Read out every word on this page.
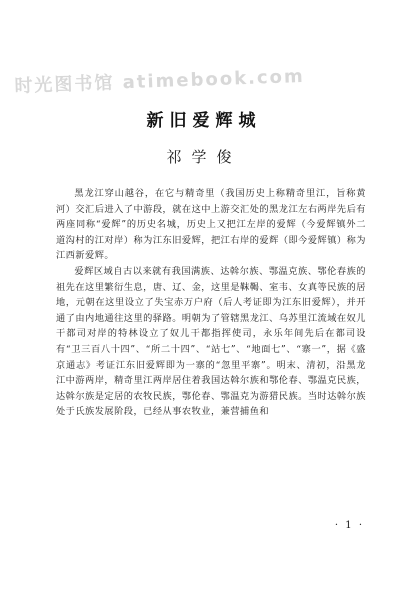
时光图书馆 atimebook.com
新旧爱辉城
祁学俊

黑龙江穿山越谷，在它与精奇里（我国历史上称精奇里江，旨称黄河）交汇后进入了中游段，就在这中上游交汇处的黑龙江左右两岸先后有两座同称“爱辉”的历史名城，历史上又把江左岸的爱辉（今爱辉镇外二道沟村的江对岸）称为江东旧爱辉，把江右岸的爱辉（即今爱辉镇）称为江西新爱辉。

爱辉区域自古以来就有我国满族、达斡尔族、鄂温克族、鄂伦春族的祖先在这里繁衍生息，唐、辽、金，这里是靺鞨、室韦、女真等民族的居地，元朝在这里设立了失宝赤万户府（后人考证即为江东旧爱辉），并开通了由内地通往这里的驿路。明朝为了管辖黑龙江、乌苏里江流域在奴儿干都司对岸的特林设立了奴儿干都指挥使司，永乐年间先后在都司设有“卫三百八十四”、“所二十四”、“站七”、“地面七”、“寨一”，据《盛京通志》考证江东旧爱辉即为一寨的“忽里平寨”。明末、清初，沿黑龙江中游两岸，精奇里江两岸居住着我国达斡尔族和鄂伦春、鄂温克民族，达斡尔族是定居的农牧民族，鄂伦春、鄂温克为游猎民族。当时达斡尔族处于氏族发展阶段，已经从事农牧业，兼营捕鱼和

· 1 ·
